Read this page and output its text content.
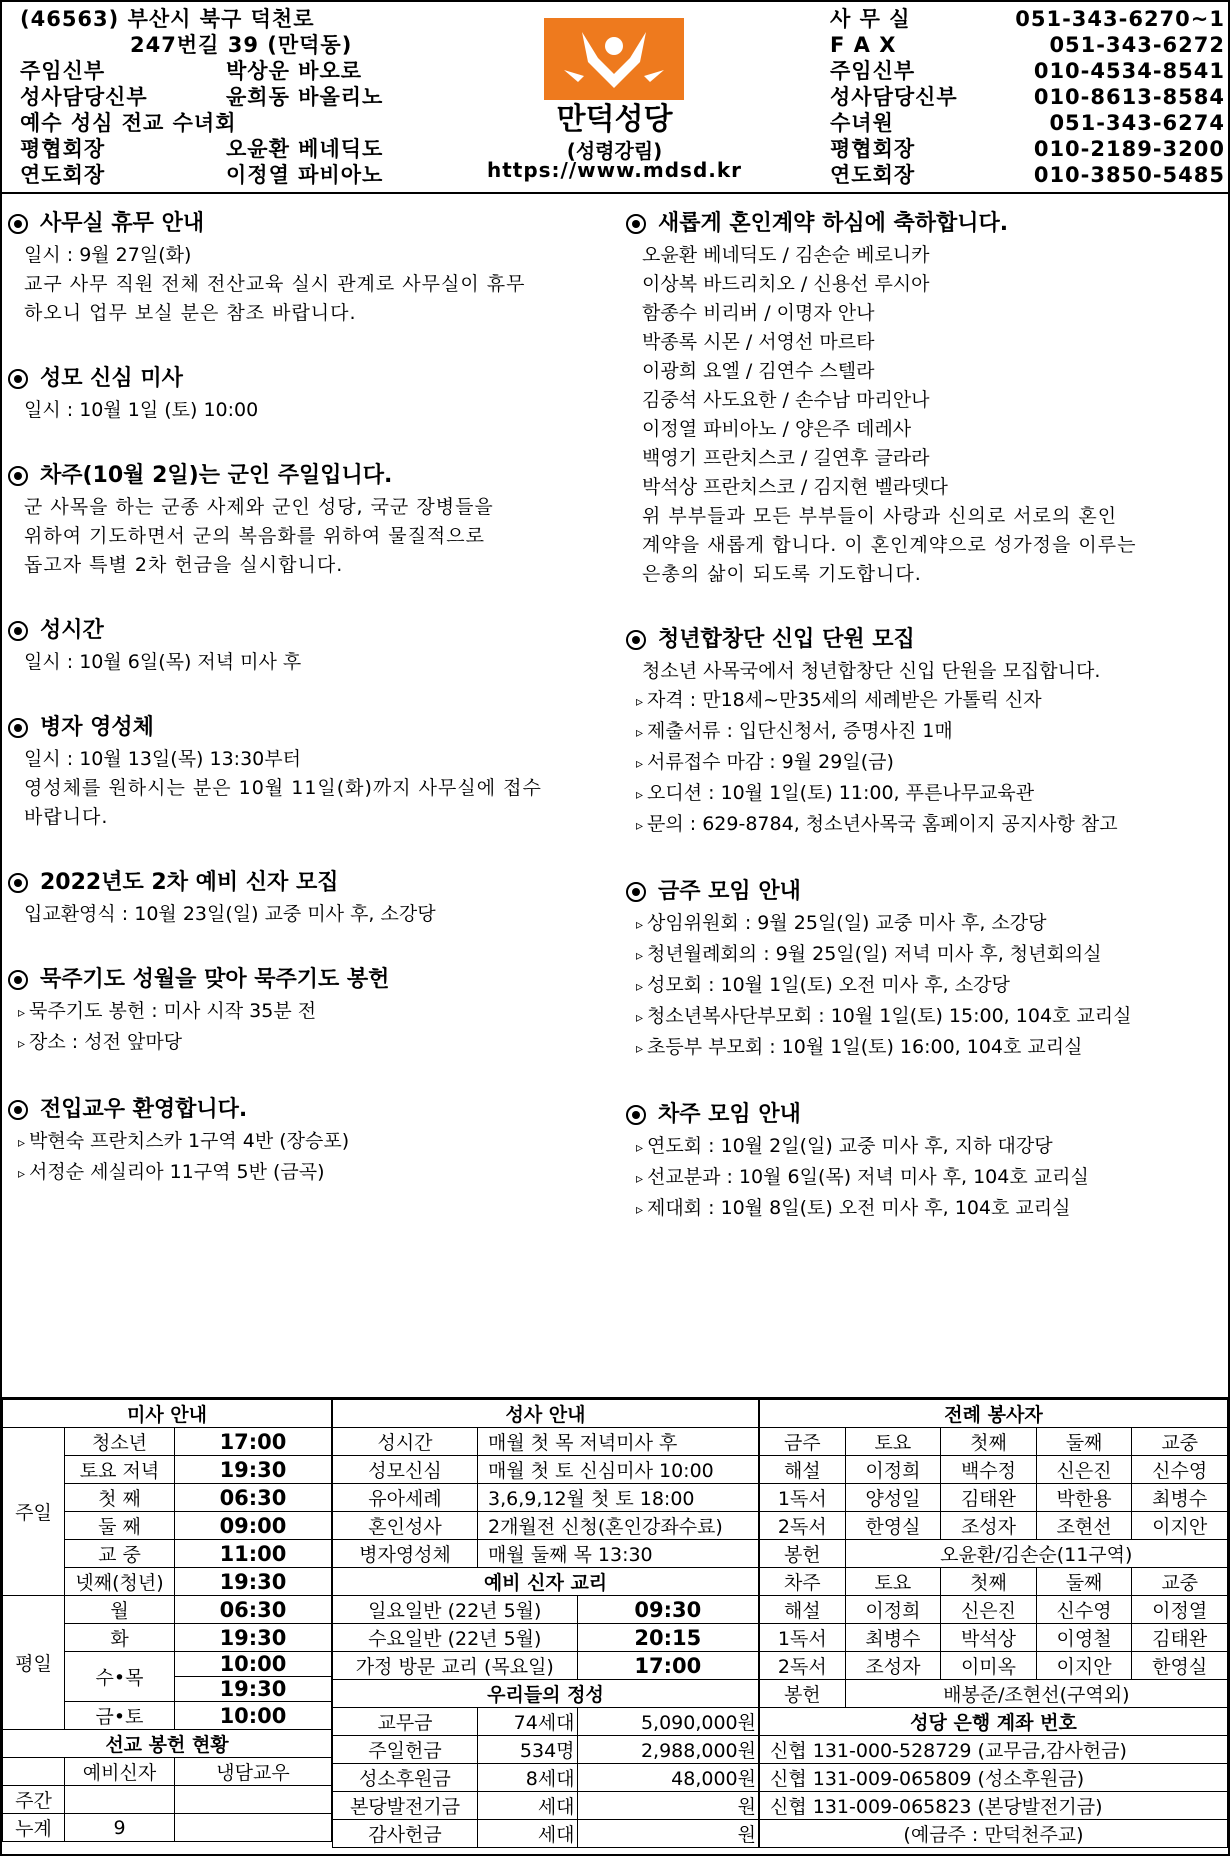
(46563) 부산시 북구 덕천로
247번길 39 (만덕동)
주임신부	박상운 바오로
성사담당신부	윤희동 바올리노
예수 성심 전교 수녀회
평협회장	오윤환 베네딕도
연도회장	이정열 파비아노
만덕성당
(성령강림)
https://www.mdsd.kr
사 무 실	051-343-6270~1
F A X	051-343-6272
주임신부	010-4534-8541
성사담당신부	010-8613-8584
수녀원	051-343-6274
평협회장	010-2189-3200
연도회장	010-3850-5485
사무실 휴무 안내
일시 : 9월 27일(화)
교구 사무 직원 전체 전산교육 실시 관계로 사무실이 휴무
하오니 업무 보실 분은 참조 바랍니다.
성모 신심 미사
일시 : 10월 1일 (토) 10:00
차주(10월 2일)는 군인 주일입니다.
군 사목을 하는 군종 사제와 군인 성당, 국군 장병들을
위하여 기도하면서 군의 복음화를 위하여 물질적으로
돕고자 특별 2차 헌금을 실시합니다.
성시간
일시 : 10월 6일(목) 저녁 미사 후
병자 영성체
일시 : 10월 13일(목) 13:30부터
영성체를 원하시는 분은 10월 11일(화)까지 사무실에 접수
바랍니다.
2022년도 2차 예비 신자 모집
입교환영식 : 10월 23일(일) 교중 미사 후, 소강당
묵주기도 성월을 맞아 묵주기도 봉헌
▹ 묵주기도 봉헌 : 미사 시작 35분 전
▹ 장소 : 성전 앞마당
전입교우 환영합니다.
▹ 박현숙 프란치스카 1구역 4반 (장승포)
▹ 서정순 세실리아 11구역 5반 (금곡)
새롭게 혼인계약 하심에 축하합니다.
오윤환 베네딕도 / 김손순 베로니카
이상복 바드리치오 / 신용선 루시아
함종수 비리버 / 이명자 안나
박종록 시몬 / 서영선 마르타
이광희 요엘 / 김연수 스텔라
김중석 사도요한 / 손수남 마리안나
이정열 파비아노 / 양은주 데레사
백영기 프란치스코 / 길연후 글라라
박석상 프란치스코 / 김지현 벨라뎃다
위 부부들과 모든 부부들이 사랑과 신의로 서로의 혼인
계약을 새롭게 합니다. 이 혼인계약으로 성가정을 이루는
은총의 삶이 되도록 기도합니다.
청년합창단 신입 단원 모집
청소년 사목국에서 청년합창단 신입 단원을 모집합니다.
▹ 자격 : 만18세~만35세의 세례받은 가톨릭 신자
▹ 제출서류 : 입단신청서, 증명사진 1매
▹ 서류접수 마감 : 9월 29일(금)
▹ 오디션 : 10월 1일(토) 11:00, 푸른나무교육관
▹ 문의 : 629-8784, 청소년사목국 홈페이지 공지사항 참고
금주 모임 안내
▹ 상임위원회 : 9월 25일(일) 교중 미사 후, 소강당
▹ 청년월례회의 : 9월 25일(일) 저녁 미사 후, 청년회의실
▹ 성모회 : 10월 1일(토) 오전 미사 후, 소강당
▹ 청소년복사단부모회 : 10월 1일(토) 15:00, 104호 교리실
▹ 초등부 부모회 : 10월 1일(토) 16:00, 104호 교리실
차주 모임 안내
▹ 연도회 : 10월 2일(일) 교중 미사 후, 지하 대강당
▹ 선교분과 : 10월 6일(목) 저녁 미사 후, 104호 교리실
▹ 제대회 : 10월 8일(토) 오전 미사 후, 104호 교리실
미사 안내		
주일	청소년	17:00
	토요 저녁	19:30
	첫 째	06:30
	둘 째	09:00
	교 중	11:00
	넷째(청년)	19:30
평일	월	06:30
	화	19:30
	수•목	10:00
		19:30
	금•토	10:00
선교 봉헌 현황		
	예비신자	냉담교우
주간		
누계	9	
성사 안내		
성시간	매월 첫 목 저녁미사 후	
성모신심	매월 첫 토 신심미사 10:00	
유아세례	3,6,9,12월 첫 토 18:00	
혼인성사	2개월전 신청(혼인강좌수료)	
병자영성체	매월 둘째 목 13:30	
예비 신자 교리		
일요일반 (22년 5월)		09:30
수요일반 (22년 5월)		20:15
가정 방문 교리 (목요일)		17:00
우리들의 정성		
교무금	74세대	5,090,000원
주일헌금	534명	2,988,000원
성소후원금	8세대	48,000원
본당발전기금	세대	원
감사헌금	세대	원
전례 봉사자				
금주	토요	첫째	둘째	교중
해설	이정희	백수정	신은진	신수영
1독서	양성일	김태완	박한용	최병수
2독서	한영실	조성자	조현선	이지안
봉헌	오윤환/김손순(11구역)			
차주	토요	첫째	둘째	교중
해설	이정희	신은진	신수영	이정열
1독서	최병수	박석상	이영철	김태완
2독서	조성자	이미옥	이지안	한영실
봉헌	배봉준/조현선(구역외)			
성당 은행 계좌 번호				
신협 131-000-528729 (교무금,감사헌금)				
신협 131-009-065809 (성소후원금)				
신협 131-009-065823 (본당발전기금)				
(예금주 : 만덕천주교)				
